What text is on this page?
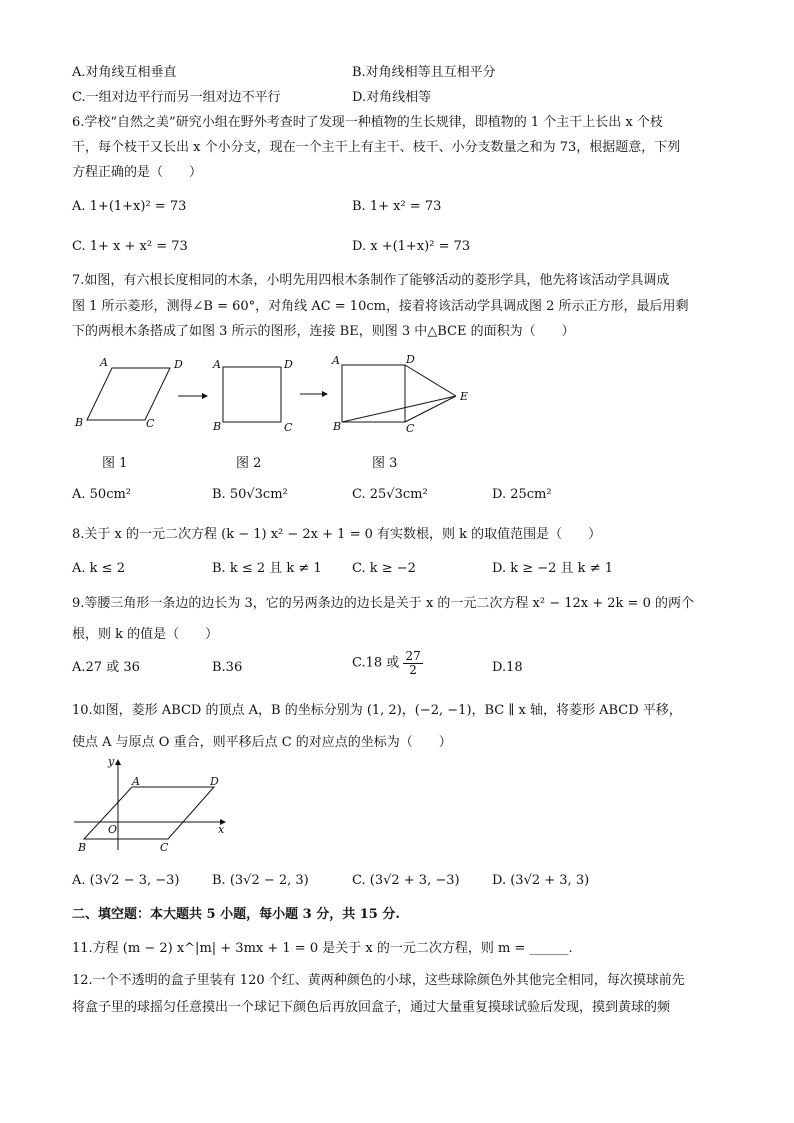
A.对角线互相垂直	B.对角线相等且互相平分
C.一组对边平行而另一组对边不平行	D.对角线相等
6.学校“自然之美”研究小组在野外考查时了发现一种植物的生长规律，即植物的 1 个主干上长出 x 个枝
干，每个枝干又长出 x 个小分支，现在一个主干上有主干、枝干、小分支数量之和为 73，根据题意，下列
方程正确的是（　　）
A. 1+(1+x)² = 73	B. 1+ x² = 73
C. 1+ x + x² = 73	D. x +(1+x)² = 73
7.如图，有六根长度相同的木条，小明先用四根木条制作了能够活动的菱形学具，他先将该活动学具调成
图 1 所示菱形，测得∠B = 60°，对角线 AC = 10cm，接着将该活动学具调成图 2 所示正方形，最后用剩
下的两根木条搭成了如图 3 所示的图形，连接 BE，则图 3 中△BCE 的面积为（　　）
A	D
B	C
A	D
B	C
A	D
E
B	C
图 1	图 2	图 3
A. 50cm²	B. 50√3cm²	C. 25√3cm²	D. 25cm²
8.关于 x 的一元二次方程 (k − 1) x² − 2x + 1 = 0 有实数根，则 k 的取值范围是（　　）
A. k ≤ 2	B. k ≤ 2 且 k ≠ 1 C. k ≥ −2	D. k ≥ −2 且 k ≠ 1
9.等腰三角形一条边的边长为 3，它的另两条边的边长是关于 x 的一元二次方程 x² − 12x + 2k = 0 的两个
根，则 k 的值是（　　）
A.27 或 36	B.36	C.18 或 $\frac{27}{2}$	D.18
10.如图，菱形 ABCD 的顶点 A，B 的坐标分别为 (1, 2)，(−2, −1)，BC ∥ x 轴，将菱形 ABCD 平移，
使点 A 与原点 O 重合，则平移后点 C 的对应点的坐标为（　　）
y
x
O
A	D
B	C
A. (3√2 − 3, −3)	B. (3√2 − 2, 3)	C. (3√2 + 3, −3) D. (3√2 + 3, 3)
二、填空题：本大题共 5 小题，每小题 3 分，共 15 分.
11.方程 (m − 2) x^|m| + 3mx + 1 = 0 是关于 x 的一元二次方程，则 m = ______.
12.一个不透明的盒子里装有 120 个红、黄两种颜色的小球，这些球除颜色外其他完全相同，每次摸球前先
将盒子里的球摇匀任意摸出一个球记下颜色后再放回盒子，通过大量重复摸球试验后发现，摸到黄球的频
